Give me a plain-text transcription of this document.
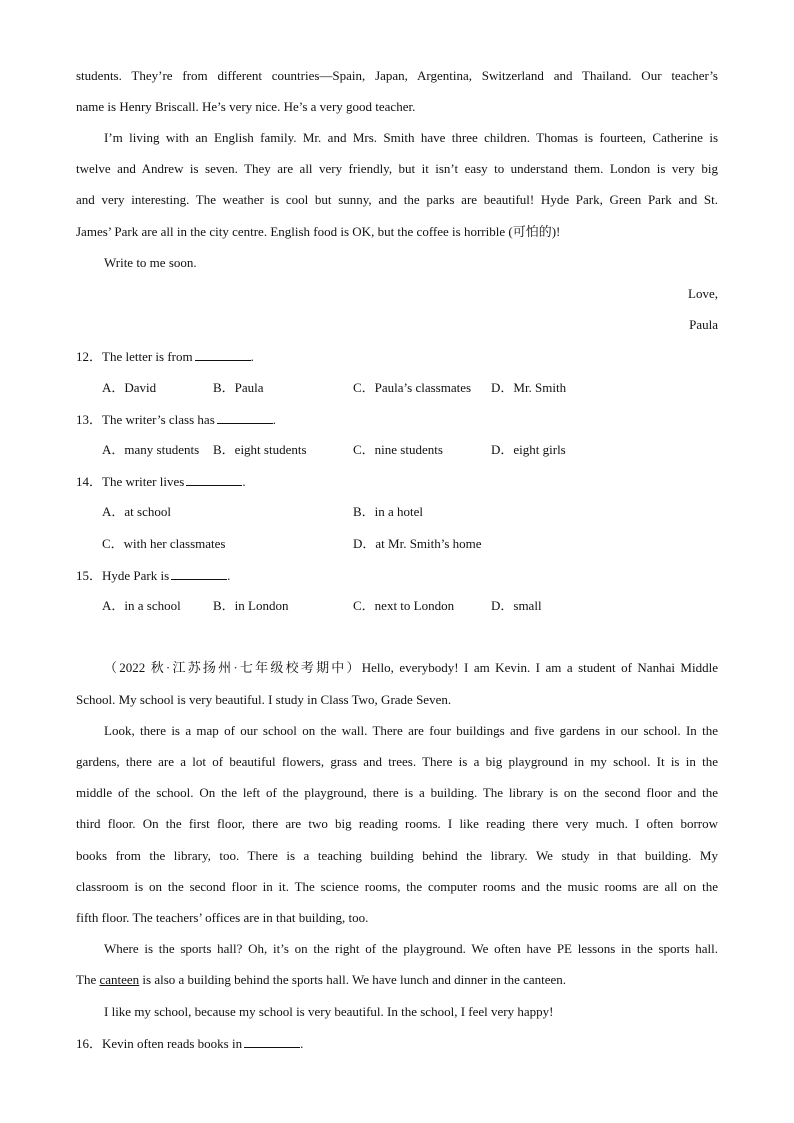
students. They’re from different countries—Spain, Japan, Argentina, Switzerland and Thailand. Our teacher’s
name is Henry Briscall. He’s very nice. He’s a very good teacher.
I’m living with an English family. Mr. and Mrs. Smith have three children. Thomas is fourteen, Catherine is
twelve and Andrew is seven. They are all very friendly, but it isn’t easy to understand them. London is very big
and very interesting. The weather is cool but sunny, and the parks are beautiful! Hyde Park, Green Park and St.
James’ Park are all in the city centre. English food is OK, but the coffee is horrible (可怕的)!
Write to me soon.
Love,
Paula
12．The letter is from	.
A．David	B．Paula	C．Paula’s classmates D．Mr. Smith
13．The writer’s class has	.
A．many students B．eight students	C．nine students	D．eight girls
14．The writer lives	.
A．at school	B．in a hotel
C．with her classmates	D．at Mr. Smith’s home
15．Hyde Park is	.
A．in a school B．in London	C．next to London	D．small
（2022 秋·江苏扬州·七年级校考期中）Hello, everybody! I am Kevin. I am a student of Nanhai Middle
School. My school is very beautiful. I study in Class Two, Grade Seven.
Look, there is a map of our school on the wall. There are four buildings and five gardens in our school. In the
gardens, there are a lot of beautiful flowers, grass and trees. There is a big playground in my school. It is in the
middle of the school. On the left of the playground, there is a building. The library is on the second floor and the
third floor. On the first floor, there are two big reading rooms. I like reading there very much. I often borrow
books from the library, too. There is a teaching building behind the library. We study in that building. My
classroom is on the second floor in it. The science rooms, the computer rooms and the music rooms are all on the
fifth floor. The teachers’ offices are in that building, too.
Where is the sports hall? Oh, it’s on the right of the playground. We often have PE lessons in the sports hall.
The canteen is also a building behind the sports hall. We have lunch and dinner in the canteen.
I like my school, because my school is very beautiful. In the school, I feel very happy!
16．Kevin often reads books in	.
